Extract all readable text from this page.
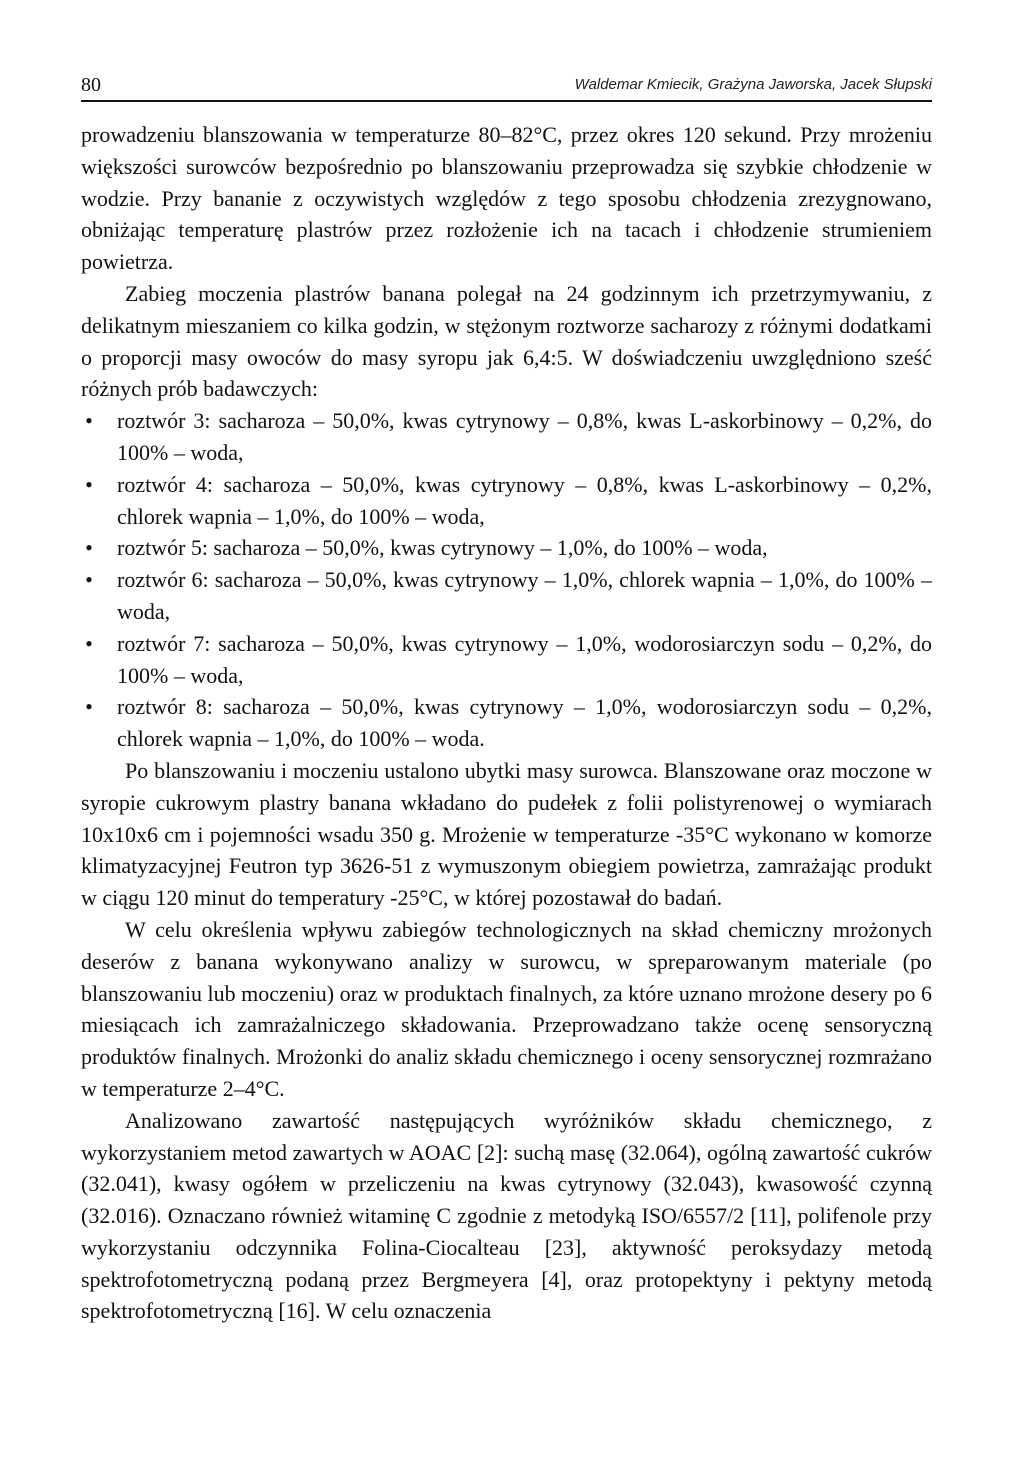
80	Waldemar Kmiecik, Grażyna Jaworska, Jacek Słupski

prowadzeniu blanszowania w temperaturze 80–82°C, przez okres 120 sekund. Przy mrożeniu większości surowców bezpośrednio po blanszowaniu przeprowadza się szybkie chłodzenie w wodzie. Przy bananie z oczywistych względów z tego sposobu chłodzenia zrezygnowano, obniżając temperaturę plastrów przez rozłożenie ich na tacach i chłodzenie strumieniem powietrza.

Zabieg moczenia plastrów banana polegał na 24 godzinnym ich przetrzymywaniu, z delikatnym mieszaniem co kilka godzin, w stężonym roztworze sacharozy z różnymi dodatkami o proporcji masy owoców do masy syropu jak 6,4:5. W doświadczeniu uwzględniono sześć różnych prób badawczych:

• roztwór 3: sacharoza – 50,0%, kwas cytrynowy – 0,8%, kwas L-askorbinowy – 0,2%, do 100% – woda,
• roztwór 4: sacharoza – 50,0%, kwas cytrynowy – 0,8%, kwas L-askorbinowy – 0,2%, chlorek wapnia – 1,0%, do 100% – woda,
• roztwór 5: sacharoza – 50,0%, kwas cytrynowy – 1,0%, do 100% – woda,
• roztwór 6: sacharoza – 50,0%, kwas cytrynowy – 1,0%, chlorek wapnia – 1,0%, do 100% – woda,
• roztwór 7: sacharoza – 50,0%, kwas cytrynowy – 1,0%, wodorosiarczyn sodu – 0,2%, do 100% – woda,
• roztwór 8: sacharoza – 50,0%, kwas cytrynowy – 1,0%, wodorosiarczyn sodu – 0,2%, chlorek wapnia – 1,0%, do 100% – woda.

Po blanszowaniu i moczeniu ustalono ubytki masy surowca. Blanszowane oraz moczone w syropie cukrowym plastry banana wkładano do pudełek z folii polistyrenowej o wymiarach 10x10x6 cm i pojemności wsadu 350 g. Mrożenie w temperaturze -35°C wykonano w komorze klimatyzacyjnej Feutron typ 3626-51 z wymuszonym obiegiem powietrza, zamrażając produkt w ciągu 120 minut do temperatury -25°C, w której pozostawał do badań.

W celu określenia wpływu zabiegów technologicznych na skład chemiczny mrożonych deserów z banana wykonywano analizy w surowcu, w spreparowanym materiale (po blanszowaniu lub moczeniu) oraz w produktach finalnych, za które uznano mrożone desery po 6 miesiącach ich zamrażalniczego składowania. Przeprowadzano także ocenę sensoryczną produktów finalnych. Mrożonki do analiz składu chemicznego i oceny sensorycznej rozmrażano w temperaturze 2–4°C.

Analizowano zawartość następujących wyróżników składu chemicznego, z wykorzystaniem metod zawartych w AOAC [2]: suchą masę (32.064), ogólną zawartość cukrów (32.041), kwasy ogółem w przeliczeniu na kwas cytrynowy (32.043), kwasowość czynną (32.016). Oznaczano również witaminę C zgodnie z metodyką ISO/6557/2 [11], polifenole przy wykorzystaniu odczynnika Folina-Ciocalteau [23], aktywność peroksydazy metodą spektrofotometryczną podaną przez Bergmeyera [4], oraz protopektyny i pektyny metodą spektrofotometryczną [16]. W celu oznaczenia
